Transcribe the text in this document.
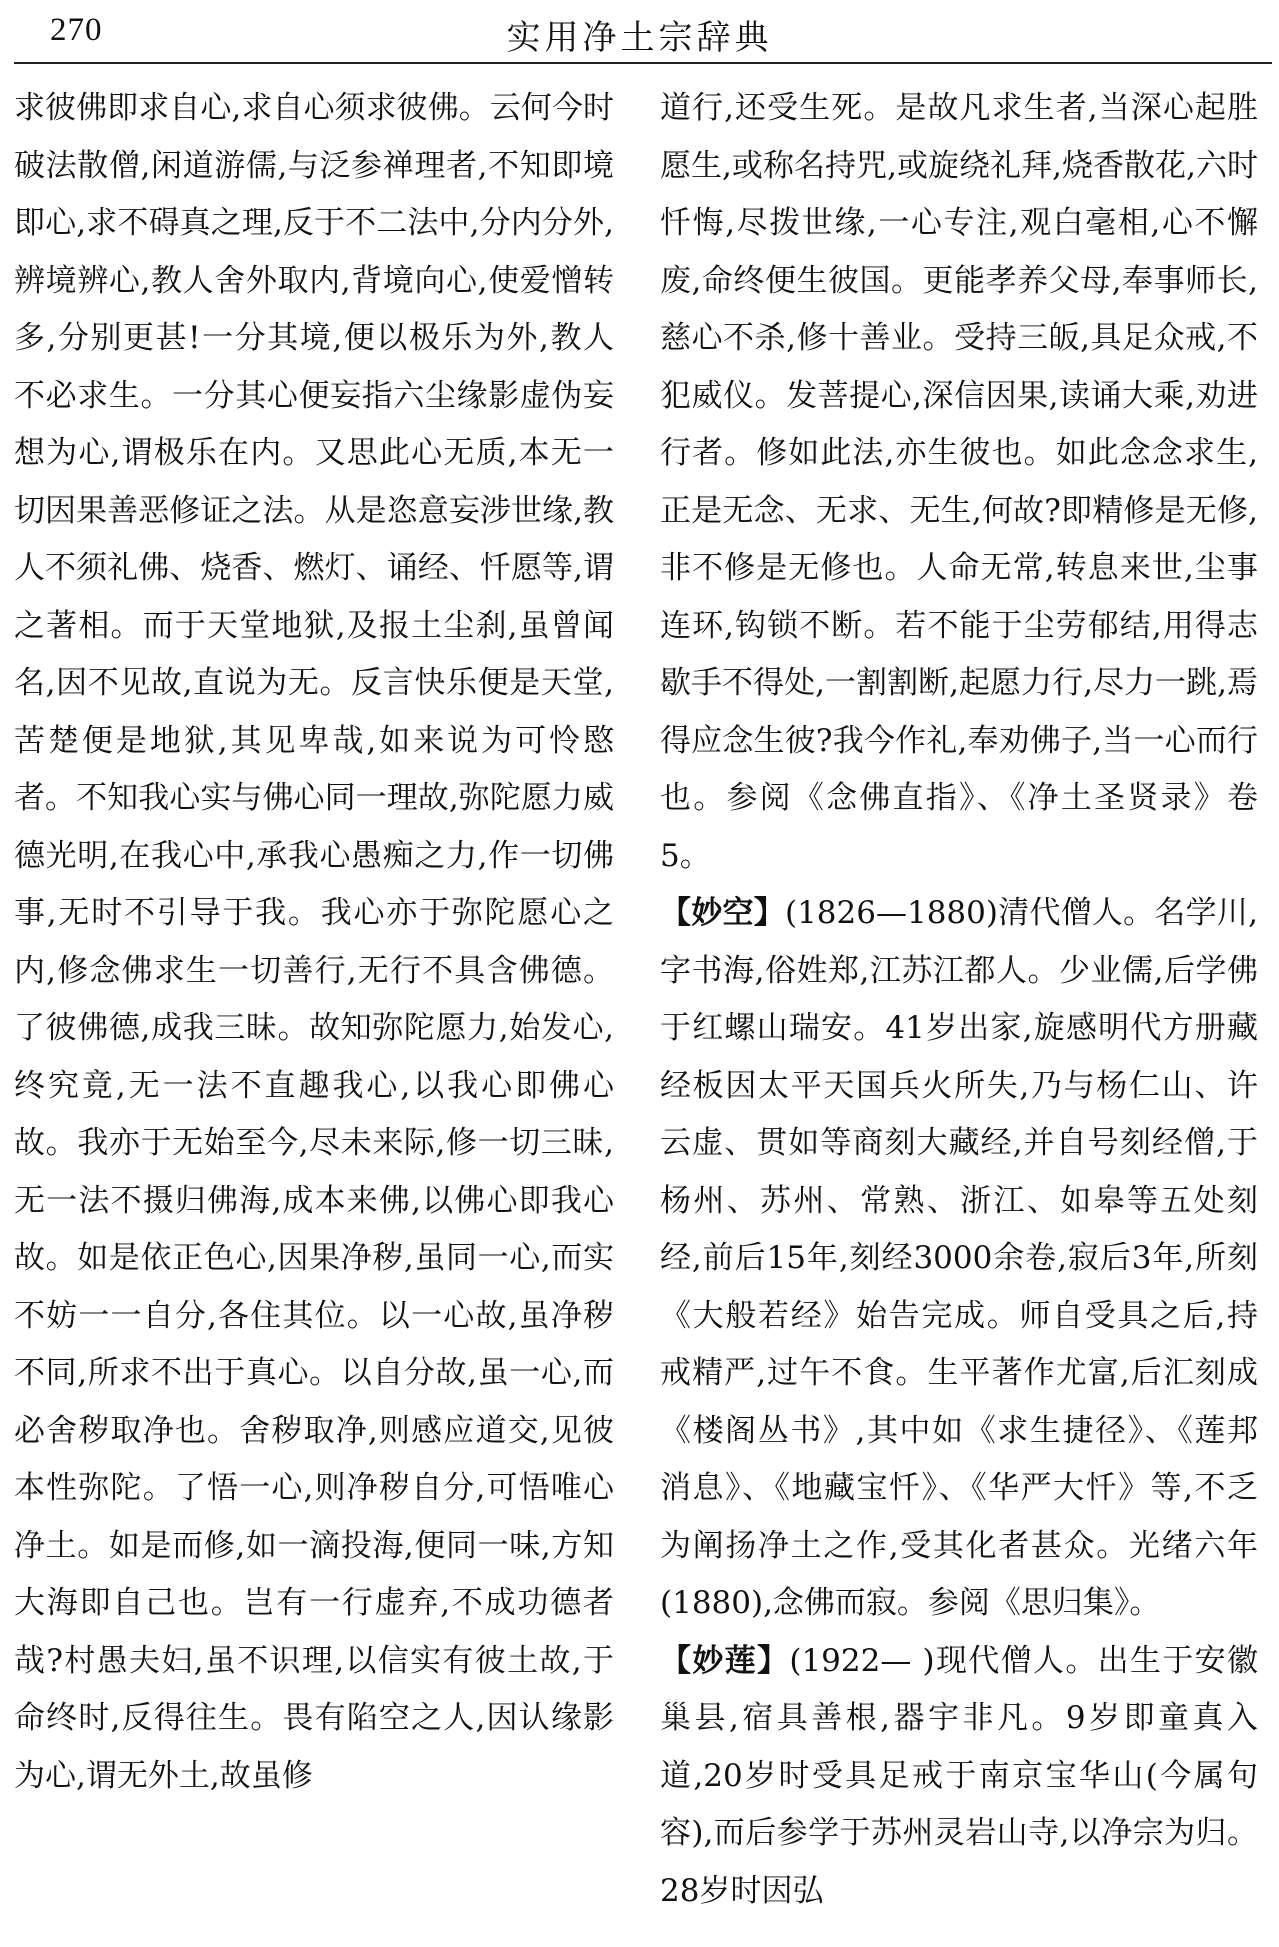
270	实用净土宗辞典

求彼佛即求自心,求自心须求彼佛。云何今时破法散僧,闲道游儒,与泛参禅理者,不知即境即心,求不碍真之理,反于不二法中,分内分外,辨境辨心,教人舍外取内,背境向心,使爱憎转多,分别更甚!一分其境,便以极乐为外,教人不必求生。一分其心便妄指六尘缘影虚伪妄想为心,谓极乐在内。又思此心无质,本无一切因果善恶修证之法。从是恣意妄涉世缘,教人不须礼佛、烧香、燃灯、诵经、忏愿等,谓之著相。而于天堂地狱,及报土尘刹,虽曾闻名,因不见故,直说为无。反言快乐便是天堂,苦楚便是地狱,其见卑哉,如来说为可怜愍者。不知我心实与佛心同一理故,弥陀愿力威德光明,在我心中,承我心愚痴之力,作一切佛事,无时不引导于我。我心亦于弥陀愿心之内,修念佛求生一切善行,无行不具含佛德。了彼佛德,成我三昧。故知弥陀愿力,始发心,终究竟,无一法不直趣我心,以我心即佛心故。我亦于无始至今,尽未来际,修一切三昧,无一法不摄归佛海,成本来佛,以佛心即我心故。如是依正色心,因果净秽,虽同一心,而实不妨一一自分,各住其位。以一心故,虽净秽不同,所求不出于真心。以自分故,虽一心,而必舍秽取净也。舍秽取净,则感应道交,见彼本性弥陀。了悟一心,则净秽自分,可悟唯心净土。如是而修,如一滴投海,便同一味,方知大海即自己也。岂有一行虚弃,不成功德者哉?村愚夫妇,虽不识理,以信实有彼土故,于命终时,反得往生。畏有陷空之人,因认缘影为心,谓无外土,故虽修

道行,还受生死。是故凡求生者,当深心起胜愿生,或称名持咒,或旋绕礼拜,烧香散花,六时忏悔,尽拨世缘,一心专注,观白毫相,心不懈废,命终便生彼国。更能孝养父母,奉事师长,慈心不杀,修十善业。受持三皈,具足众戒,不犯威仪。发菩提心,深信因果,读诵大乘,劝进行者。修如此法,亦生彼也。如此念念求生,正是无念、无求、无生,何故?即精修是无修,非不修是无修也。人命无常,转息来世,尘事连环,钩锁不断。若不能于尘劳郁结,用得志歇手不得处,一割割断,起愿力行,尽力一跳,焉得应念生彼?我今作礼,奉劝佛子,当一心而行也。参阅《念佛直指》、《净土圣贤录》卷5。

【妙空】(1826—1880)清代僧人。名学川,字书海,俗姓郑,江苏江都人。少业儒,后学佛于红螺山瑞安。41岁出家,旋感明代方册藏经板因太平天国兵火所失,乃与杨仁山、许云虚、贯如等商刻大藏经,并自号刻经僧,于杨州、苏州、常熟、浙江、如皋等五处刻经,前后15年,刻经3000余卷,寂后3年,所刻《大般若经》始告完成。师自受具之后,持戒精严,过午不食。生平著作尤富,后汇刻成《楼阁丛书》,其中如《求生捷径》、《莲邦消息》、《地藏宝忏》、《华严大忏》等,不乏为阐扬净土之作,受其化者甚众。光绪六年(1880),念佛而寂。参阅《思归集》。

【妙莲】(1922— )现代僧人。出生于安徽巢县,宿具善根,器宇非凡。9岁即童真入道,20岁时受具足戒于南京宝华山(今属句容),而后参学于苏州灵岩山寺,以净宗为归。28岁时因弘
